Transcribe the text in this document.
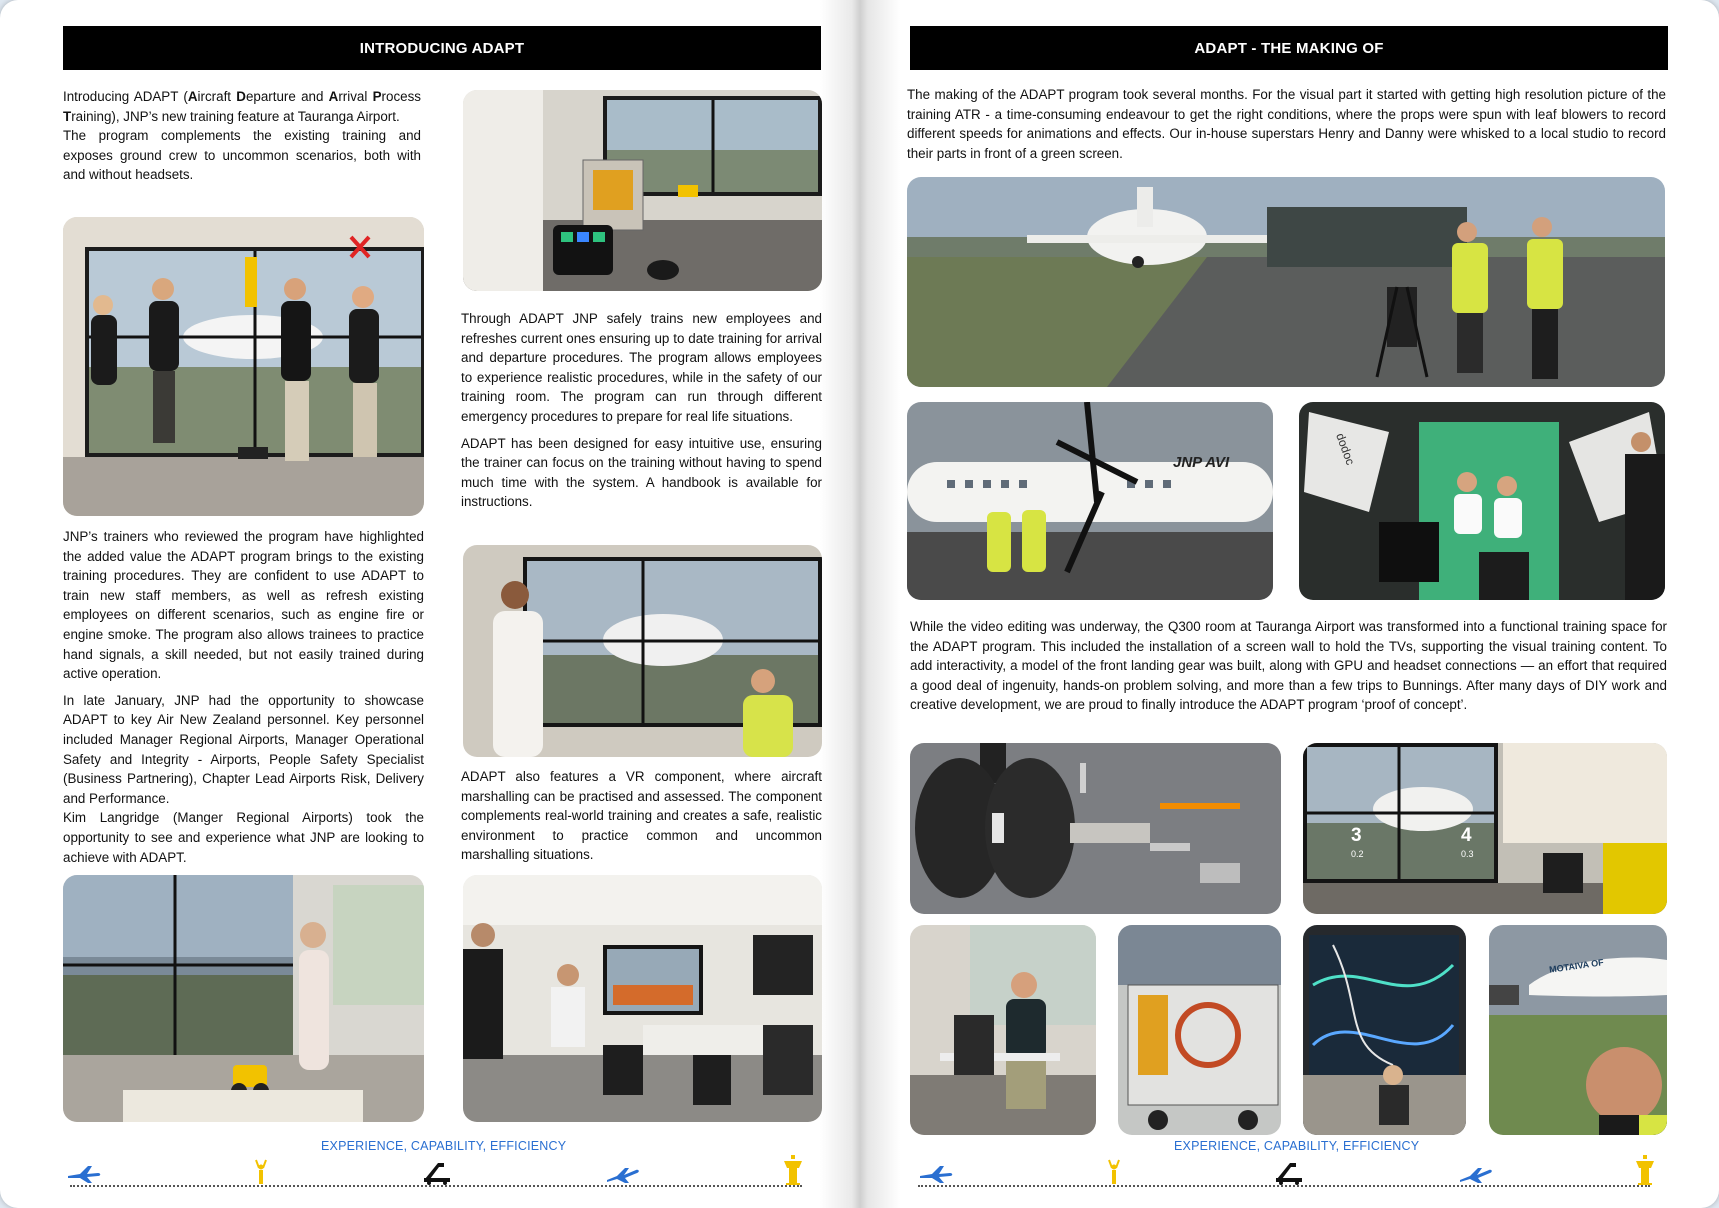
INTRODUCING ADAPT

Introducing ADAPT (Aircraft Departure and Arrival Process Training), JNP’s new training feature at Tauranga Airport.

The program complements the existing training and exposes ground crew to uncommon scenarios, both with and without headsets.

JNP’s trainers who reviewed the program have highlighted the added value the ADAPT program brings to the existing training procedures. They are confident to use ADAPT to train new staff members, as well as refresh existing employees on different scenarios, such as engine fire or engine smoke. The program also allows trainees to practice hand signals, a skill needed, but not easily trained during active operation.

In late January, JNP had the opportunity to showcase ADAPT to key Air New Zealand personnel. Key personnel included Manager Regional Airports, Manager Operational Safety and Integrity - Airports, People Safety Specialist (Business Partnering), Chapter Lead Airports Risk, Delivery and Performance.

Kim Langridge (Manger Regional Airports) took the opportunity to see and experience what JNP are looking to achieve with ADAPT.

Through ADAPT JNP safely trains new employees and refreshes current ones ensuring up to date training for arrival and departure procedures. The program allows employees to experience realistic procedures, while in the safety of our training room. The program can run through different emergency procedures to prepare for real life situations.

ADAPT has been designed for easy intuitive use, ensuring the trainer can focus on the training without having to spend much time with the system. A handbook is available for instructions.

ADAPT also features a VR component, where aircraft marshalling can be practised and assessed. The component complements real-world training and creates a safe, realistic environment to practice common and uncommon marshalling situations.

EXPERIENCE, CAPABILITY, EFFICIENCY
ADAPT - THE MAKING OF

The making of the ADAPT program took several months. For the visual part it started with getting high resolution picture of the training ATR - a time-consuming endeavour to get the right conditions, where the props were spun with leaf blowers to record different speeds for animations and effects. Our in-house superstars Henry and Danny were whisked to a local studio to record their parts in front of a green screen.

JNP AVI	dodoc

While the video editing was underway, the Q300 room at Tauranga Airport was transformed into a functional training space for the ADAPT program. This included the installation of a screen wall to hold the TVs, supporting the visual training content. To add interactivity, a model of the front landing gear was built, along with GPU and headset connections — an effort that required a good deal of ingenuity, hands-on problem solving, and more than a few trips to Bunnings. After many days of DIY work and creative development, we are proud to finally introduce the ADAPT program ‘proof of concept’.

3
0.2
4
0.3
MOTAIVA OF
EXPERIENCE, CAPABILITY, EFFICIENCY
